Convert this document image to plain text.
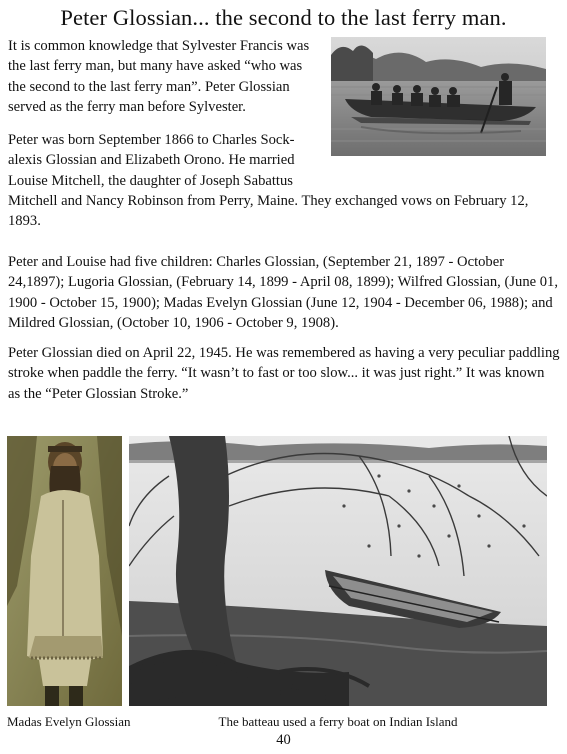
Peter Glossian... the second to the last ferry man.

It is common knowledge that Sylvester Francis was
the last ferry man, but many have asked “who was
the second to the last ferry man”. Peter Glossian
served as the ferry man before Sylvester.

Peter was born September 1866 to Charles Sock-
alexis Glossian and Elizabeth Orono. He married
Louise Mitchell, the daughter of Joseph Sabattus
Mitchell and Nancy Robinson from Perry, Maine. They exchanged vows on February 12,
1893.

Peter and Louise had five children: Charles Glossian, (September 21, 1897 - October 24,1897); Lugoria Glossian, (February 14, 1899 - April 08, 1899); Wilfred Glossian, (June 01, 1900 - October 15, 1900); Madas Evelyn Glossian (June 12, 1904 - December 06, 1988); and Mildred Glossian, (October 10, 1906 - October 9, 1908).

Peter Glossian died on April 22, 1945. He was remembered as having a very peculiar paddling stroke when paddle the ferry. “It wasn’t to fast or too slow... it was just right.” It was known as the “Peter Glossian Stroke.”

Madas Evelyn Glossian	The batteau used a ferry boat on Indian Island
40
